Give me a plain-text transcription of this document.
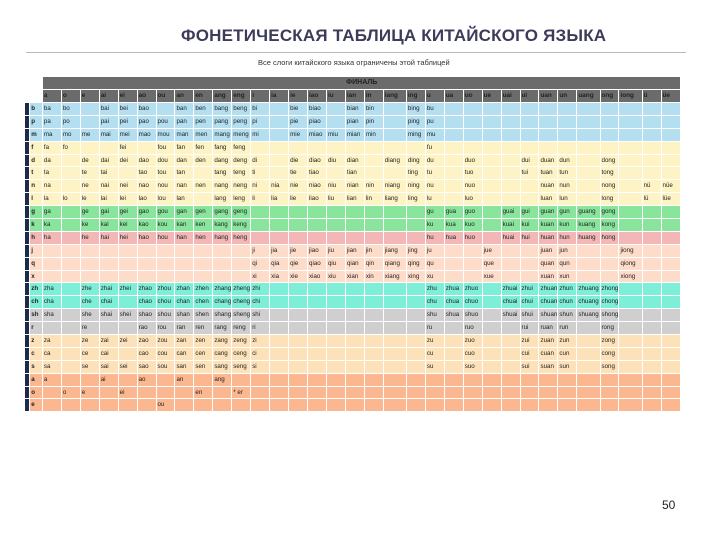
ФОНЕТИЧЕСКАЯ ТАБЛИЦА КИТАЙСКОГО ЯЗЫКА
Все слоги китайского языка ограничены этой таблицей
		ФИНАЛЬ																																
		a	o	e	ai	ei	ao	ou	an	en	ang	eng	i	ia	ie	iao	iu	ian	in	iang	ing	u	ua	uo	ue	uai	ui	uan	un	uang	ong	iong	ü	üe
	b	ba	bo		bai	bei	bao		ban	ben	bang	beng	bi		bie	biao		bian	bin		bing	bu												
	p	pa	po		pai	pei	pao	pou	pan	pen	pang	peng	pi		pie	piao		pian	pin		ping	pu												
	m	ma	mo	me	mai	mei	mao	mou	man	men	mang	meng	mi		mie	miao	miu	mian	min		ming	mu												
	f	fa	fo			fei		fou	fan	fen	fang	feng										fu												
	d	da		de	dai	dei	dao	dou	dan	den	dang	deng	di		die	diao	diu	dian		diang	ding	du		duo			dui	duan	dun		dong			
	t	ta		te	tai		tao	tou	tan		tang	teng	ti		tie	tiao		tian			ting	tu		tuo			tui	tuan	tun		tong			
	n	na		ne	nai	nei	nao	nou	nan	nen	nang	neng	ni	nia	nie	niao	niu	nian	nin	niang	ning	nu		nuo				nuan	nun		nong		nü	nüe
	l	la	lo	le	lai	lei	lao	lou	lan		lang	leng	li	lia	lie	liao	liu	lian	lin	liang	ling	lu		luo				luan	lun		long		lü	lüe
	g	ga		ge	gai	gei	gao	gou	gan	gen	gang	geng										gu	gua	guo		guai	gui	guan	gun	guang	gong			
	k	ka		ke	kai	kei	kao	kou	kan	ken	kang	keng										ku	kua	kuo		kuai	kui	kuan	kun	kuang	kong			
	h	ha		he	hai	hei	hao	hou	han	hen	hang	heng										hu	hua	huo		huai	hui	huan	hun	huang	hong			
	j												ji	jia	jie	jiao	jiu	jian	jin	jiang	jing	ju			jue			juan	jun			jiong		
	q												qi	qia	qie	qiao	qiu	qian	qin	qiang	qing	qu			que			quan	qun			qiong		
	x												xi	xia	xie	xiao	xiu	xian	xin	xiang	xing	xu			xue			xuan	xun			xiong		
	zh	zha		zhe	zhai	zhei	zhao	zhou	zhan	zhen	zhang	zheng	zhi									zhu	zhua	zhuo		zhuai	zhui	zhuan	zhun	zhuang	zhong			
	ch	cha		che	chai		chao	chou	chan	chen	chang	cheng	chi									chu	chua	chuo		chuai	chui	chuan	chun	chuang	chong			
	sh	sha		she	shai	shei	shao	shou	shan	shen	shang	sheng	shi									shu	shua	shuo		shuai	shui	shuan	shun	shuang	shong			
	r			re			rao	rou	ran	ren	rang	reng	ri									ru		ruo			rui	ruan	run		rong			
	z	za		ze	zai	zei	zao	zou	zan	zen	zang	zeng	zi									zu		zuo			zui	zuan	zun		zong			
	c	ca		ce	cai		cao	cou	can	cen	cang	ceng	ci									cu		cuo			cui	cuan	cun		cong			
	s	sa		se	sai	sei	sao	sou	san	sen	sang	seng	si									su		suo			sui	suan	sun		song			
	a	a			ai		ao		an		ang																							
	o		o	e		ei				en		* er																						
	e							ou																										
50
